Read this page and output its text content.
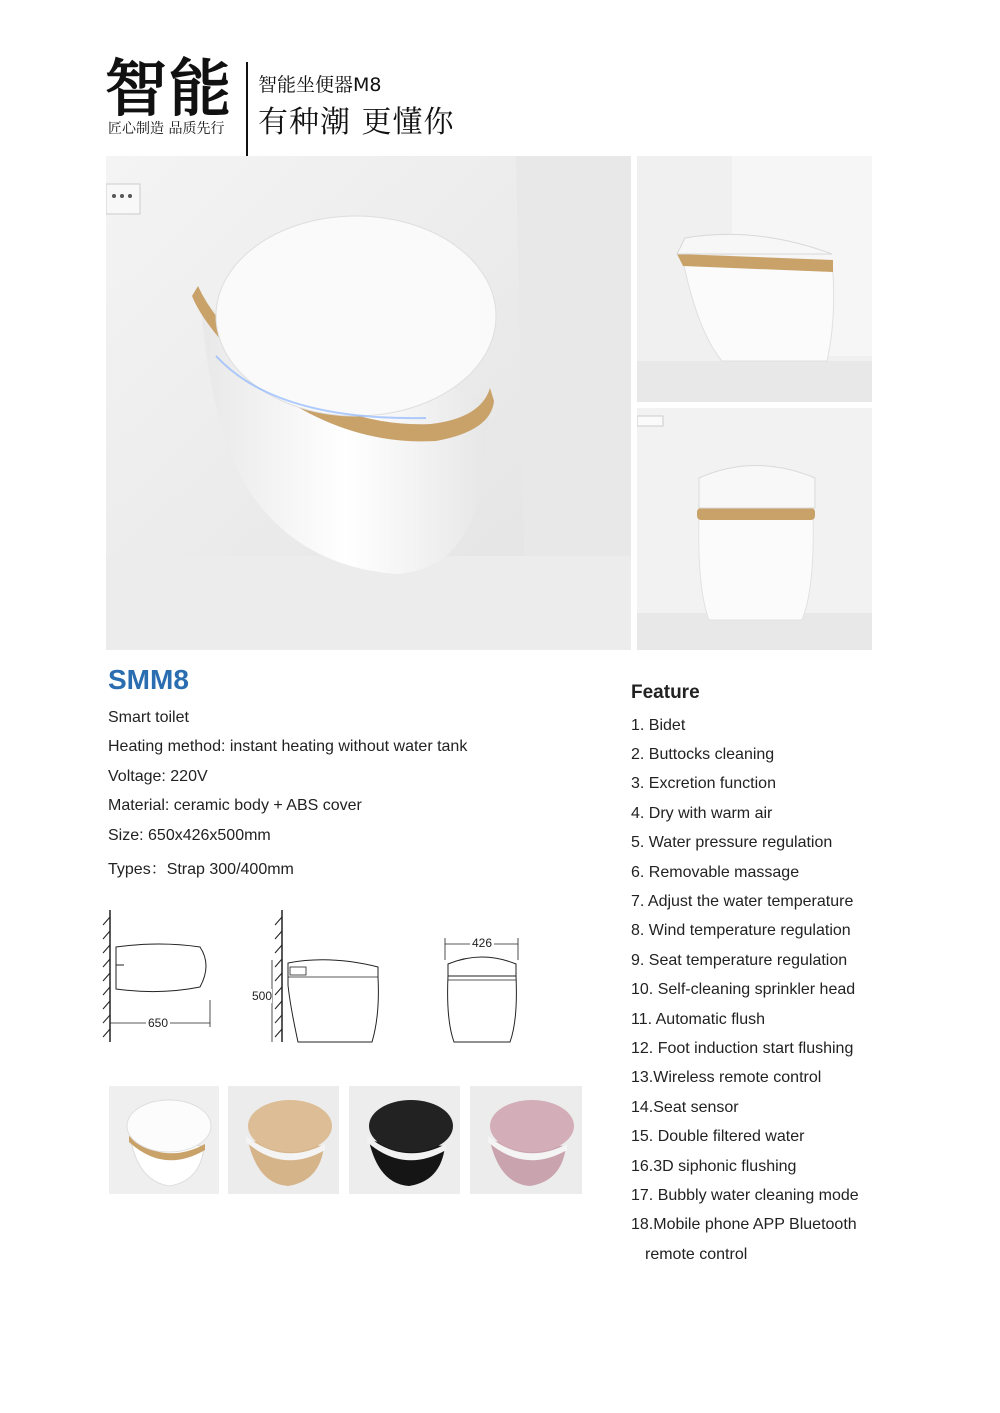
智能
匠心制造 品质先行
智能坐便器M8
有种潮 更懂你
SMM8
Smart toilet
Heating method: instant heating without water tank
Voltage: 220V
Material: ceramic body + ABS cover
Size: 650x426x500mm
Types：Strap 300/400mm
Feature
1. Bidet
2. Buttocks cleaning
3. Excretion function
4. Dry with warm air
5. Water pressure regulation
6. Removable massage
7. Adjust the water temperature
8. Wind temperature regulation
9. Seat temperature regulation
10. Self-cleaning sprinkler head
11. Automatic flush
12. Foot induction start flushing
13.Wireless remote control
14.Seat sensor
15. Double filtered water
16.3D siphonic flushing
17. Bubbly water cleaning mode
18.Mobile phone APP Bluetooth
remote control
650
500
426
